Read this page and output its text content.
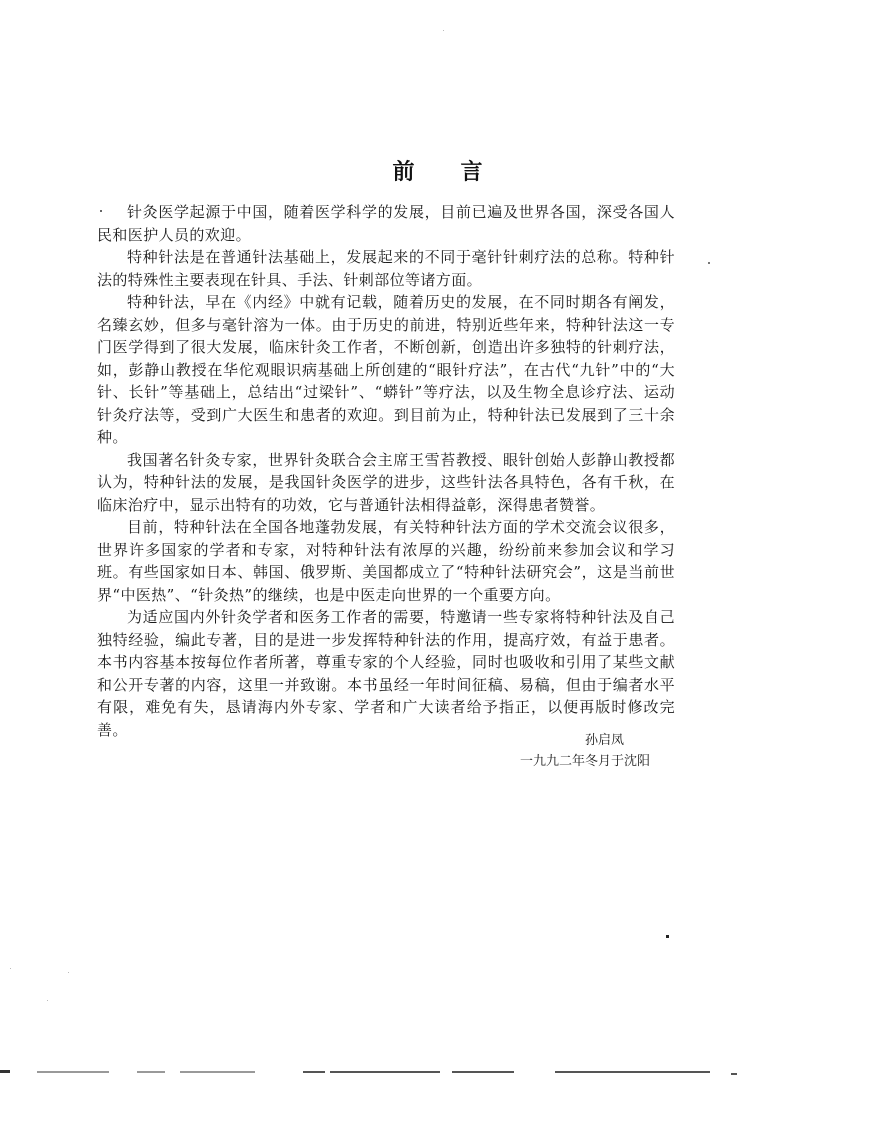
前言

针灸医学起源于中国，随着医学科学的发展，目前已遍及世界各国，深受各国人民和医护人员的欢迎。

特种针法是在普通针法基础上，发展起来的不同于毫针针刺疗法的总称。特种针法的特殊性主要表现在针具、手法、针刺部位等诸方面。

特种针法，早在《内经》中就有记载，随着历史的发展，在不同时期各有阐发，名臻玄妙，但多与毫针溶为一体。由于历史的前进，特别近些年来，特种针法这一专门医学得到了很大发展，临床针灸工作者，不断创新，创造出许多独特的针刺疗法，如，彭静山教授在华佗观眼识病基础上所创建的“眼针疗法”，在古代“九针”中的“大针、长针”等基础上，总结出“过梁针”、“蟒针”等疗法，以及生物全息诊疗法、运动针灸疗法等，受到广大医生和患者的欢迎。到目前为止，特种针法已发展到了三十余种。

我国著名针灸专家，世界针灸联合会主席王雪苔教授、眼针创始人彭静山教授都认为，特种针法的发展，是我国针灸医学的进步，这些针法各具特色，各有千秋，在临床治疗中，显示出特有的功效，它与普通针法相得益彰，深得患者赞誉。

目前，特种针法在全国各地蓬勃发展，有关特种针法方面的学术交流会议很多，世界许多国家的学者和专家，对特种针法有浓厚的兴趣，纷纷前来参加会议和学习班。有些国家如日本、韩国、俄罗斯、美国都成立了“特种针法研究会”，这是当前世界“中医热”、“针灸热”的继续，也是中医走向世界的一个重要方向。

为适应国内外针灸学者和医务工作者的需要，特邀请一些专家将特种针法及自己独特经验，编此专著，目的是进一步发挥特种针法的作用，提高疗效，有益于患者。本书内容基本按每位作者所著，尊重专家的个人经验，同时也吸收和引用了某些文献和公开专著的内容，这里一并致谢。本书虽经一年时间征稿、易稿，但由于编者水平有限，难免有失，恳请海内外专家、学者和广大读者给予指正，以便再版时修改完善。

孙启凤
一九九二年冬月于沈阳
